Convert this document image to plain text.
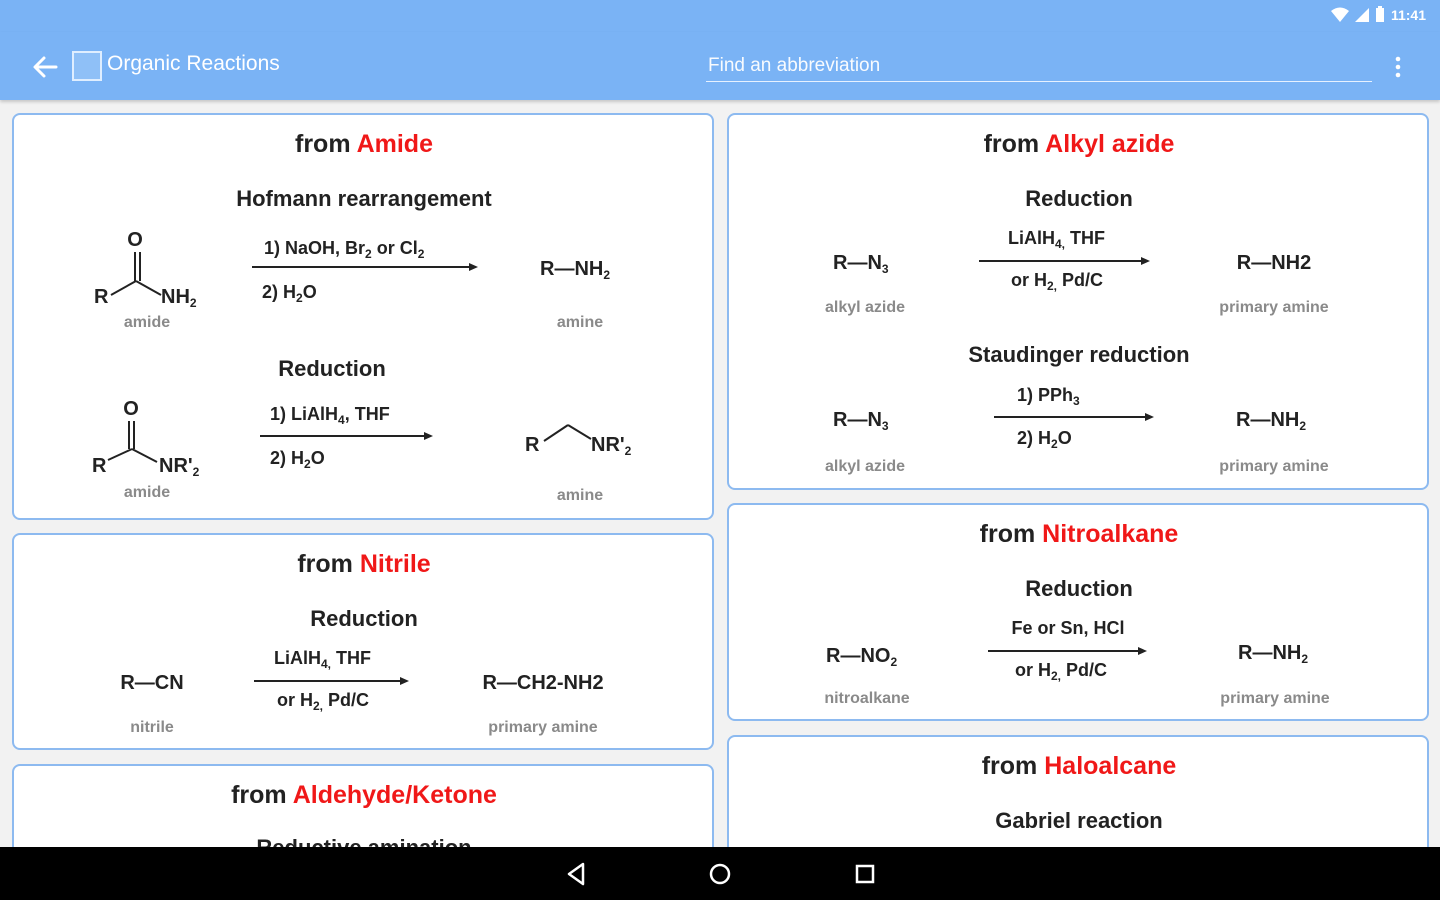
11:41
Organic Reactions
Find an abbreviation
from Amide
Hofmann rearrangement
O
R	$NH_2$
amide
1) NaOH, $Br_2$ or $Cl_2$
2) $H_2O$
$R—NH_2$
amine
Reduction
O
R	$NR'_2$
amide
1) LiAlH$_4$, THF
2) $H_2O$
R	$NR'_2$
amine
from Nitrile
Reduction
R—CN
nitrile
LiAlH$_{4,}$ THF
or $H_{2,}$ Pd/C
R—CH2-NH2
primary amine
from Aldehyde/Ketone
from Alkyl azide
Reduction
$R—N_3$
alkyl azide
LiAlH$_{4,}$ THF
or $H_{2,}$ Pd/C
R—NH2
primary amine
Staudinger reduction
$R—N_3$
alkyl azide
1) PPh$_3$
2) $H_2O$
$R—NH_2$
primary amine
from Nitroalkane
Reduction
$R—NO_2$
nitroalkane
Fe or Sn, HCl
or $H_{2,}$ Pd/C
$R—NH_2$
primary amine
from Haloalcane
Gabriel reaction
